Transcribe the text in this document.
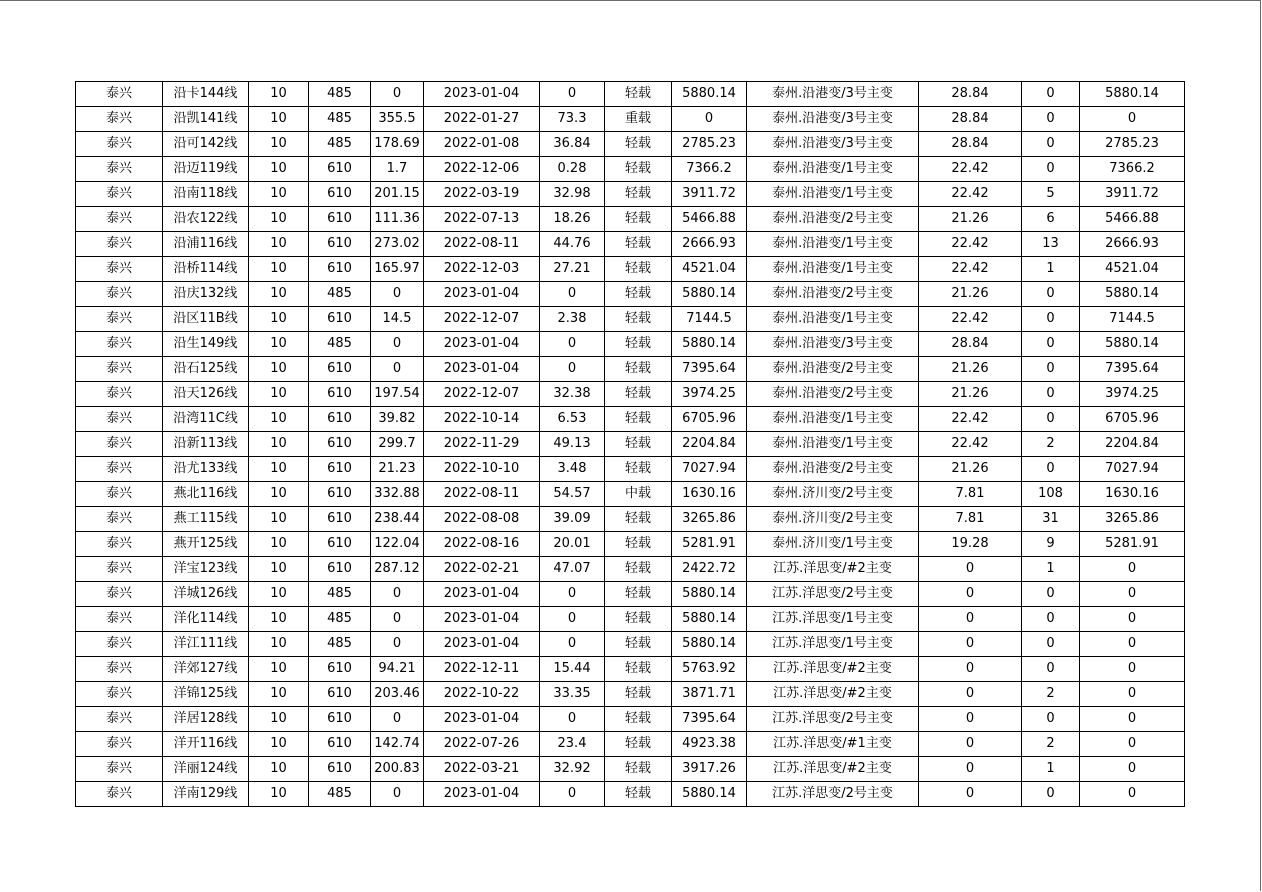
泰兴	沿卡144线	10	485	0	2023-01-04	0	轻载	5880.14	泰州.沿港变/3号主变	28.84	0	5880.14
泰兴	沿凯141线	10	485	355.5	2022-01-27	73.3	重载	0	泰州.沿港变/3号主变	28.84	0	0
泰兴	沿可142线	10	485	178.69	2022-01-08	36.84	轻载	2785.23	泰州.沿港变/3号主变	28.84	0	2785.23
泰兴	沿迈119线	10	610	1.7	2022-12-06	0.28	轻载	7366.2	泰州.沿港变/1号主变	22.42	0	7366.2
泰兴	沿南118线	10	610	201.15	2022-03-19	32.98	轻载	3911.72	泰州.沿港变/1号主变	22.42	5	3911.72
泰兴	沿农122线	10	610	111.36	2022-07-13	18.26	轻载	5466.88	泰州.沿港变/2号主变	21.26	6	5466.88
泰兴	沿浦116线	10	610	273.02	2022-08-11	44.76	轻载	2666.93	泰州.沿港变/1号主变	22.42	13	2666.93
泰兴	沿桥114线	10	610	165.97	2022-12-03	27.21	轻载	4521.04	泰州.沿港变/1号主变	22.42	1	4521.04
泰兴	沿庆132线	10	485	0	2023-01-04	0	轻载	5880.14	泰州.沿港变/2号主变	21.26	0	5880.14
泰兴	沿区11B线	10	610	14.5	2022-12-07	2.38	轻载	7144.5	泰州.沿港变/1号主变	22.42	0	7144.5
泰兴	沿生149线	10	485	0	2023-01-04	0	轻载	5880.14	泰州.沿港变/3号主变	28.84	0	5880.14
泰兴	沿石125线	10	610	0	2023-01-04	0	轻载	7395.64	泰州.沿港变/2号主变	21.26	0	7395.64
泰兴	沿天126线	10	610	197.54	2022-12-07	32.38	轻载	3974.25	泰州.沿港变/2号主变	21.26	0	3974.25
泰兴	沿湾11C线	10	610	39.82	2022-10-14	6.53	轻载	6705.96	泰州.沿港变/1号主变	22.42	0	6705.96
泰兴	沿新113线	10	610	299.7	2022-11-29	49.13	轻载	2204.84	泰州.沿港变/1号主变	22.42	2	2204.84
泰兴	沿尤133线	10	610	21.23	2022-10-10	3.48	轻载	7027.94	泰州.沿港变/2号主变	21.26	0	7027.94
泰兴	燕北116线	10	610	332.88	2022-08-11	54.57	中载	1630.16	泰州.济川变/2号主变	7.81	108	1630.16
泰兴	燕工115线	10	610	238.44	2022-08-08	39.09	轻载	3265.86	泰州.济川变/2号主变	7.81	31	3265.86
泰兴	燕开125线	10	610	122.04	2022-08-16	20.01	轻载	5281.91	泰州.济川变/1号主变	19.28	9	5281.91
泰兴	洋宝123线	10	610	287.12	2022-02-21	47.07	轻载	2422.72	江苏.洋思变/#2主变	0	1	0
泰兴	洋城126线	10	485	0	2023-01-04	0	轻载	5880.14	江苏.洋思变/2号主变	0	0	0
泰兴	洋化114线	10	485	0	2023-01-04	0	轻载	5880.14	江苏.洋思变/1号主变	0	0	0
泰兴	洋江111线	10	485	0	2023-01-04	0	轻载	5880.14	江苏.洋思变/1号主变	0	0	0
泰兴	洋郊127线	10	610	94.21	2022-12-11	15.44	轻载	5763.92	江苏.洋思变/#2主变	0	0	0
泰兴	洋锦125线	10	610	203.46	2022-10-22	33.35	轻载	3871.71	江苏.洋思变/#2主变	0	2	0
泰兴	洋居128线	10	610	0	2023-01-04	0	轻载	7395.64	江苏.洋思变/2号主变	0	0	0
泰兴	洋开116线	10	610	142.74	2022-07-26	23.4	轻载	4923.38	江苏.洋思变/#1主变	0	2	0
泰兴	洋丽124线	10	610	200.83	2022-03-21	32.92	轻载	3917.26	江苏.洋思变/#2主变	0	1	0
泰兴	洋南129线	10	485	0	2023-01-04	0	轻载	5880.14	江苏.洋思变/2号主变	0	0	0
